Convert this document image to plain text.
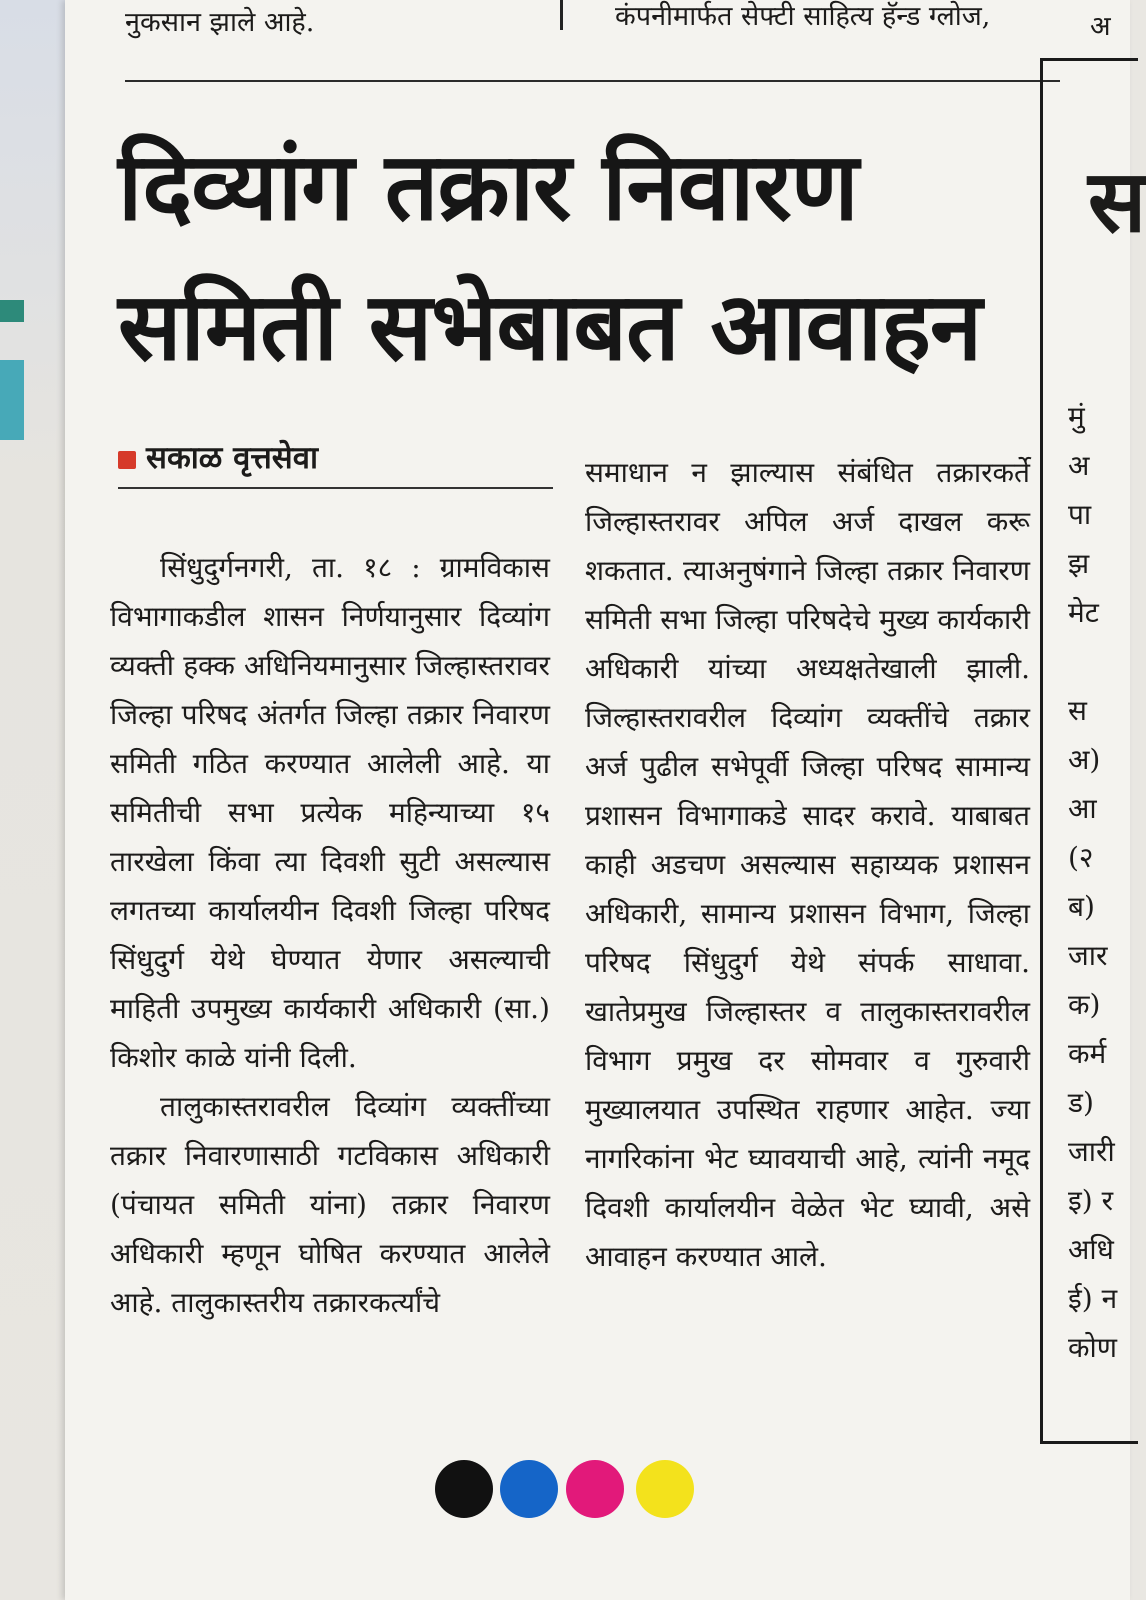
नुकसान झाले आहे.	कंपनीमार्फत सेफ्टी साहित्य हॅन्ड ग्लोज,
दिव्यांग तक्रार निवारण
समिती सभेबाबत आवाहन
सकाळ वृत्तसेवा

सिंधुदुर्गनगरी, ता. १८ : ग्रामविकास विभागाकडील शासन निर्णयानुसार दिव्यांग व्यक्ती हक्क अधिनियमानुसार जिल्हास्तरावर जिल्हा परिषद अंतर्गत जिल्हा तक्रार निवारण समिती गठित करण्यात आलेली आहे. या समितीची सभा प्रत्येक महिन्याच्या १५ तारखेला किंवा त्या दिवशी सुटी असल्यास लगतच्या कार्यालयीन दिवशी जिल्हा परिषद सिंधुदुर्ग येथे घेण्यात येणार असल्याची माहिती उपमुख्य कार्यकारी अधिकारी (सा.) किशोर काळे यांनी दिली.

तालुकास्तरावरील दिव्यांग व्यक्तींच्या तक्रार निवारणासाठी गटविकास अधिकारी (पंचायत समिती यांना) तक्रार निवारण अधिकारी म्हणून घोषित करण्यात आलेले आहे. तालुकास्तरीय तक्रारकर्त्यांचे

समाधान न झाल्यास संबंधित तक्रारकर्ते जिल्हास्तरावर अपिल अर्ज दाखल करू शकतात. त्याअनुषंगाने जिल्हा तक्रार निवारण समिती सभा जिल्हा परिषदेचे मुख्य कार्यकारी अधिकारी यांच्या अध्यक्षतेखाली झाली. जिल्हास्तरावरील दिव्यांग व्यक्तींचे तक्रार अर्ज पुढील सभेपूर्वी जिल्हा परिषद सामान्य प्रशासन विभागाकडे सादर करावे. याबाबत काही अडचण असल्यास सहाय्यक प्रशासन अधिकारी, सामान्य प्रशासन विभाग, जिल्हा परिषद सिंधुदुर्ग येथे संपर्क साधावा. खातेप्रमुख जिल्हास्तर व तालुकास्तरावरील विभाग प्रमुख दर सोमवार व गुरुवारी मुख्यालयात उपस्थित राहणार आहेत. ज्या नागरिकांना भेट घ्यावयाची आहे, त्यांनी नमूद दिवशी कार्यालयीन वेळेत भेट घ्यावी, असे आवाहन करण्यात आले.

अ
स
मुं
अ
पा
झ
मेट

स
अ)
आ
(२
ब)
जार
क)
कर्म
ड)
जारी
इ) र
अधि
ई) न
कोण
